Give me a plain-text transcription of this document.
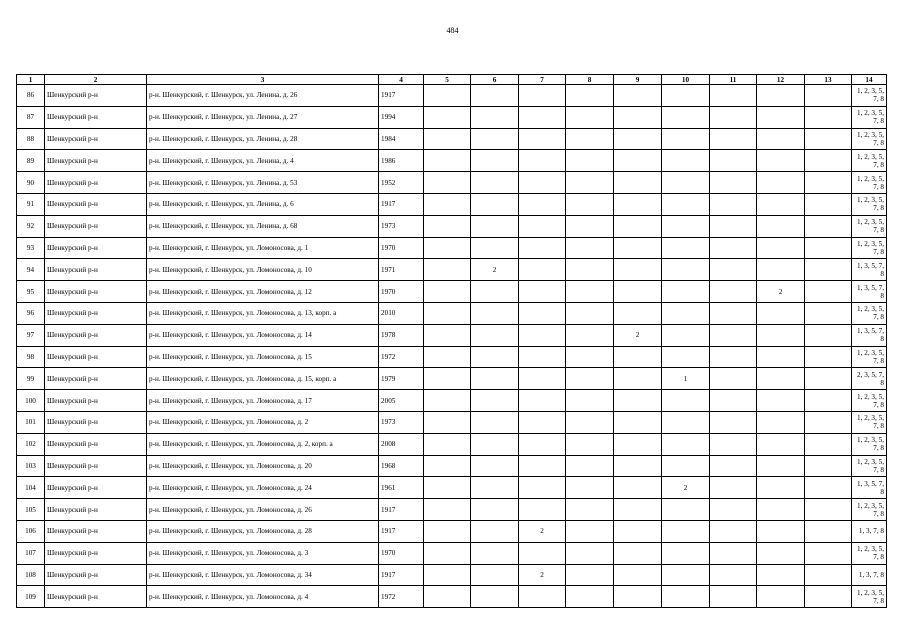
484
1	2	3	4	5	6	7	8	9	10	11	12	13	14
86	Шенкурский р-н	р-н. Шенкурский, г. Шенкурск, ул. Ленина, д. 26	1917										1, 2, 3, 5, 7, 8
87	Шенкурский р-н	р-н. Шенкурский, г. Шенкурск, ул. Ленина, д. 27	1994										1, 2, 3, 5, 7, 8
88	Шенкурский р-н	р-н. Шенкурский, г. Шенкурск, ул. Ленина, д. 28	1984										1, 2, 3, 5, 7, 8
89	Шенкурский р-н	р-н. Шенкурский, г. Шенкурск, ул. Ленина, д. 4	1986										1, 2, 3, 5, 7, 8
90	Шенкурский р-н	р-н. Шенкурский, г. Шенкурск, ул. Ленина, д. 53	1952										1, 2, 3, 5, 7, 8
91	Шенкурский р-н	р-н. Шенкурский, г. Шенкурск, ул. Ленина, д. 6	1917										1, 2, 3, 5, 7, 8
92	Шенкурский р-н	р-н. Шенкурский, г. Шенкурск, ул. Ленина, д. 68	1973										1, 2, 3, 5, 7, 8
93	Шенкурский р-н	р-н. Шенкурский, г. Шенкурск, ул. Ломоносова, д. 1	1970										1, 2, 3, 5, 7, 8
94	Шенкурский р-н	р-н. Шенкурский, г. Шенкурск, ул. Ломоносова, д. 10	1971		2								1, 3, 5, 7, 8
95	Шенкурский р-н	р-н. Шенкурский, г. Шенкурск, ул. Ломоносова, д. 12	1970								2		1, 3, 5, 7, 8
96	Шенкурский р-н	р-н. Шенкурский, г. Шенкурск, ул. Ломоносова, д. 13, корп. а	2010										1, 2, 3, 5, 7, 8
97	Шенкурский р-н	р-н. Шенкурский, г. Шенкурск, ул. Ломоносова, д. 14	1978					2					1, 3, 5, 7, 8
98	Шенкурский р-н	р-н. Шенкурский, г. Шенкурск, ул. Ломоносова, д. 15	1972										1, 2, 3, 5, 7, 8
99	Шенкурский р-н	р-н. Шенкурский, г. Шенкурск, ул. Ломоносова, д. 15, корп. а	1979						1				2, 3, 5, 7, 8
100	Шенкурский р-н	р-н. Шенкурский, г. Шенкурск, ул. Ломоносова, д. 17	2005										1, 2, 3, 5, 7, 8
101	Шенкурский р-н	р-н. Шенкурский, г. Шенкурск, ул. Ломоносова, д. 2	1973										1, 2, 3, 5, 7, 8
102	Шенкурский р-н	р-н. Шенкурский, г. Шенкурск, ул. Ломоносова, д. 2, корп. а	2008										1, 2, 3, 5, 7, 8
103	Шенкурский р-н	р-н. Шенкурский, г. Шенкурск, ул. Ломоносова, д. 20	1968										1, 2, 3, 5, 7, 8
104	Шенкурский р-н	р-н. Шенкурский, г. Шенкурск, ул. Ломоносова, д. 24	1961						2				1, 3, 5, 7, 8
105	Шенкурский р-н	р-н. Шенкурский, г. Шенкурск, ул. Ломоносова, д. 26	1917										1, 2, 3, 5, 7, 8
106	Шенкурский р-н	р-н. Шенкурский, г. Шенкурск, ул. Ломоносова, д. 28	1917			2							1, 3, 7, 8
107	Шенкурский р-н	р-н. Шенкурский, г. Шенкурск, ул. Ломоносова, д. 3	1970										1, 2, 3, 5, 7, 8
108	Шенкурский р-н	р-н. Шенкурский, г. Шенкурск, ул. Ломоносова, д. 34	1917			2							1, 3, 7, 8
109	Шенкурский р-н	р-н. Шенкурский, г. Шенкурск, ул. Ломоносова, д. 4	1972										1, 2, 3, 5, 7, 8
